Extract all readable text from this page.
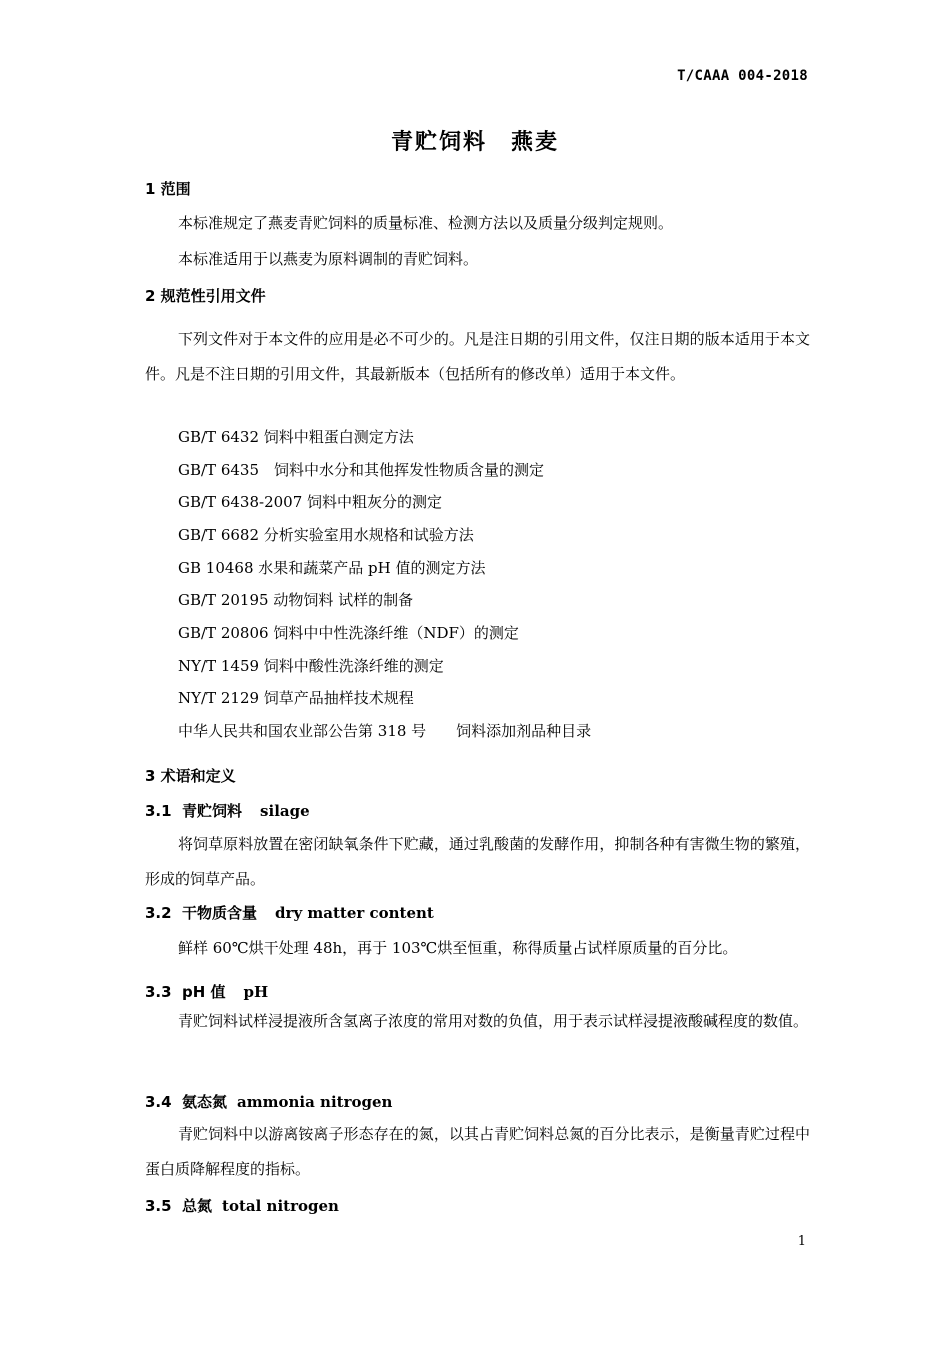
T/CAAA 004-2018
青贮饲料　燕麦
1 范围
本标准规定了燕麦青贮饲料的质量标准、检测方法以及质量分级判定规则。
本标准适用于以燕麦为原料调制的青贮饲料。
2 规范性引用文件
下列文件对于本文件的应用是必不可少的。凡是注日期的引用文件，仅注日期的版本适用于本文件。凡是不注日期的引用文件，其最新版本（包括所有的修改单）适用于本文件。
GB/T 6432 饲料中粗蛋白测定方法
GB/T 6435　饲料中水分和其他挥发性物质含量的测定
GB/T 6438-2007 饲料中粗灰分的测定
GB/T 6682 分析实验室用水规格和试验方法
GB 10468 水果和蔬菜产品 pH 值的测定方法
GB/T 20195 动物饲料 试样的制备
GB/T 20806 饲料中中性洗涤纤维（NDF）的测定
NY/T 1459 饲料中酸性洗涤纤维的测定
NY/T 2129 饲草产品抽样技术规程
中华人民共和国农业部公告第 318 号　　饲料添加剂品种目录
3 术语和定义
3.1 青贮饲料 silage
将饲草原料放置在密闭缺氧条件下贮藏，通过乳酸菌的发酵作用，抑制各种有害微生物的繁殖，形成的饲草产品。
3.2 干物质含量 dry matter content
鲜样 60℃烘干处理 48h，再于 103℃烘至恒重，称得质量占试样原质量的百分比。
3.3 pH 值 pH
青贮饲料试样浸提液所含氢离子浓度的常用对数的负值，用于表示试样浸提液酸碱程度的数值。
3.4 氨态氮 ammonia nitrogen
青贮饲料中以游离铵离子形态存在的氮，以其占青贮饲料总氮的百分比表示，是衡量青贮过程中蛋白质降解程度的指标。
3.5 总氮 total nitrogen
1
